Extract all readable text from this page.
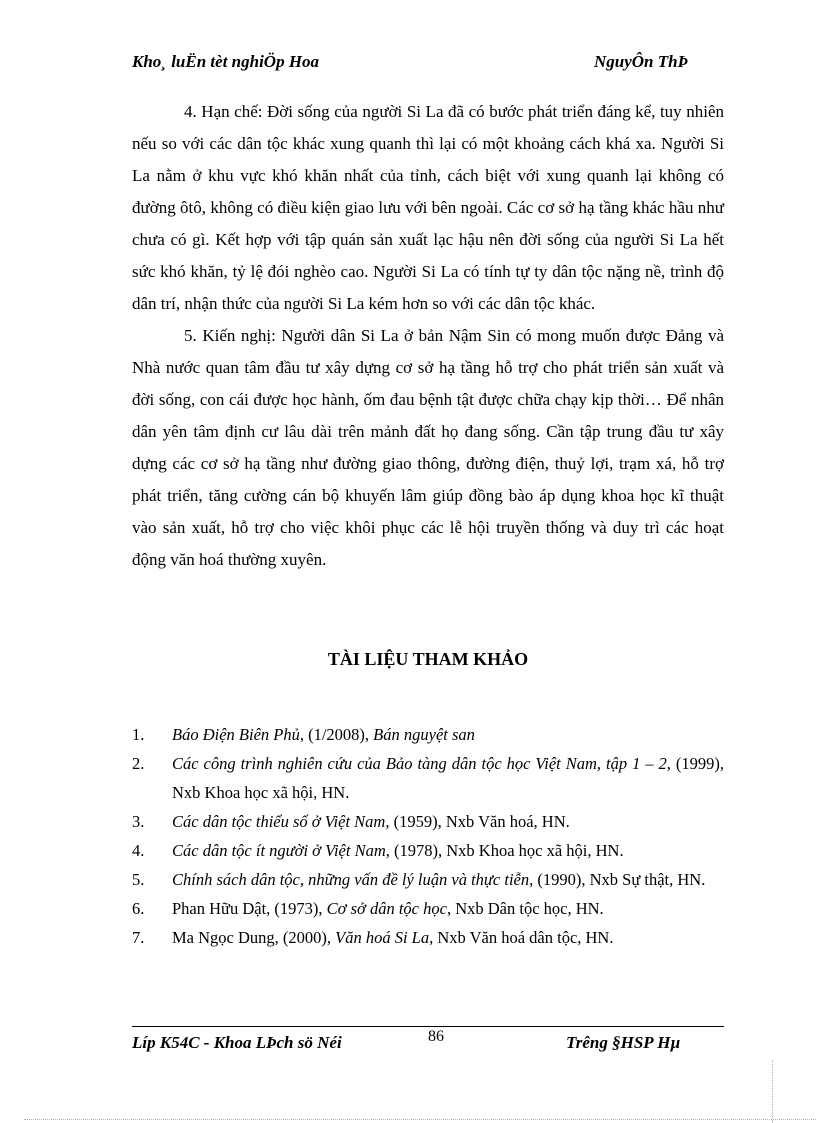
Kho¸ luËn tèt nghiÖp Hoa	NguyÔn ThÞ

4. Hạn chế: Đời sống của người Si La đã có bước phát triển đáng kể, tuy nhiên nếu so với các dân tộc khác xung quanh thì lại có một khoảng cách khá xa. Người Si La nằm ở khu vực khó khăn nhất của tỉnh, cách biệt với xung quanh lại không có đường ôtô, không có điều kiện giao lưu với bên ngoài. Các cơ sở hạ tầng khác hầu như chưa có gì. Kết hợp với tập quán sản xuất lạc hậu nên đời sống của người Si La hết sức khó khăn, tỷ lệ đói nghèo cao. Người Si La có tính tự ty dân tộc nặng nề, trình độ dân trí, nhận thức của người Si La kém hơn so với các dân tộc khác.

5. Kiến nghị: Người dân Si La ở bản Nậm Sin có mong muốn được Đảng và Nhà nước quan tâm đầu tư xây dựng cơ sở hạ tầng hỗ trợ cho phát triển sản xuất và đời sống, con cái được học hành, ốm đau bệnh tật được chữa chạy kịp thời… Để nhân dân yên tâm định cư lâu dài trên mảnh đất họ đang sống. Cần tập trung đầu tư xây dựng các cơ sở hạ tầng như đường giao thông, đường điện, thuỷ lợi, trạm xá, hỗ trợ phát triển, tăng cường cán bộ khuyến lâm giúp đồng bào áp dụng khoa học kĩ thuật vào sản xuất, hỗ trợ cho việc khôi phục các lễ hội truyền thống và duy trì các hoạt động văn hoá thường xuyên.

TÀI LIỆU THAM KHẢO
1. Báo Điện Biên Phủ, (1/2008), Bán nguyệt san
2. Các công trình nghiên cứu của Bảo tàng dân tộc học Việt Nam, tập 1 – 2, (1999), Nxb Khoa học xã hội, HN.
3. Các dân tộc thiểu số ở Việt Nam, (1959), Nxb Văn hoá, HN.
4. Các dân tộc ít người ở Việt Nam, (1978), Nxb Khoa học xã hội, HN.
5. Chính sách dân tộc, những vấn đề lý luận và thực tiễn, (1990), Nxb Sự thật, HN.
6. Phan Hữu Dật, (1973), Cơ sở dân tộc học, Nxb Dân tộc học, HN.
7. Ma Ngọc Dung, (2000), Văn hoá Si La, Nxb Văn hoá dân tộc, HN.
Líp K54C - Khoa LÞch sö Néi	86	Trêng §HSP Hµ
